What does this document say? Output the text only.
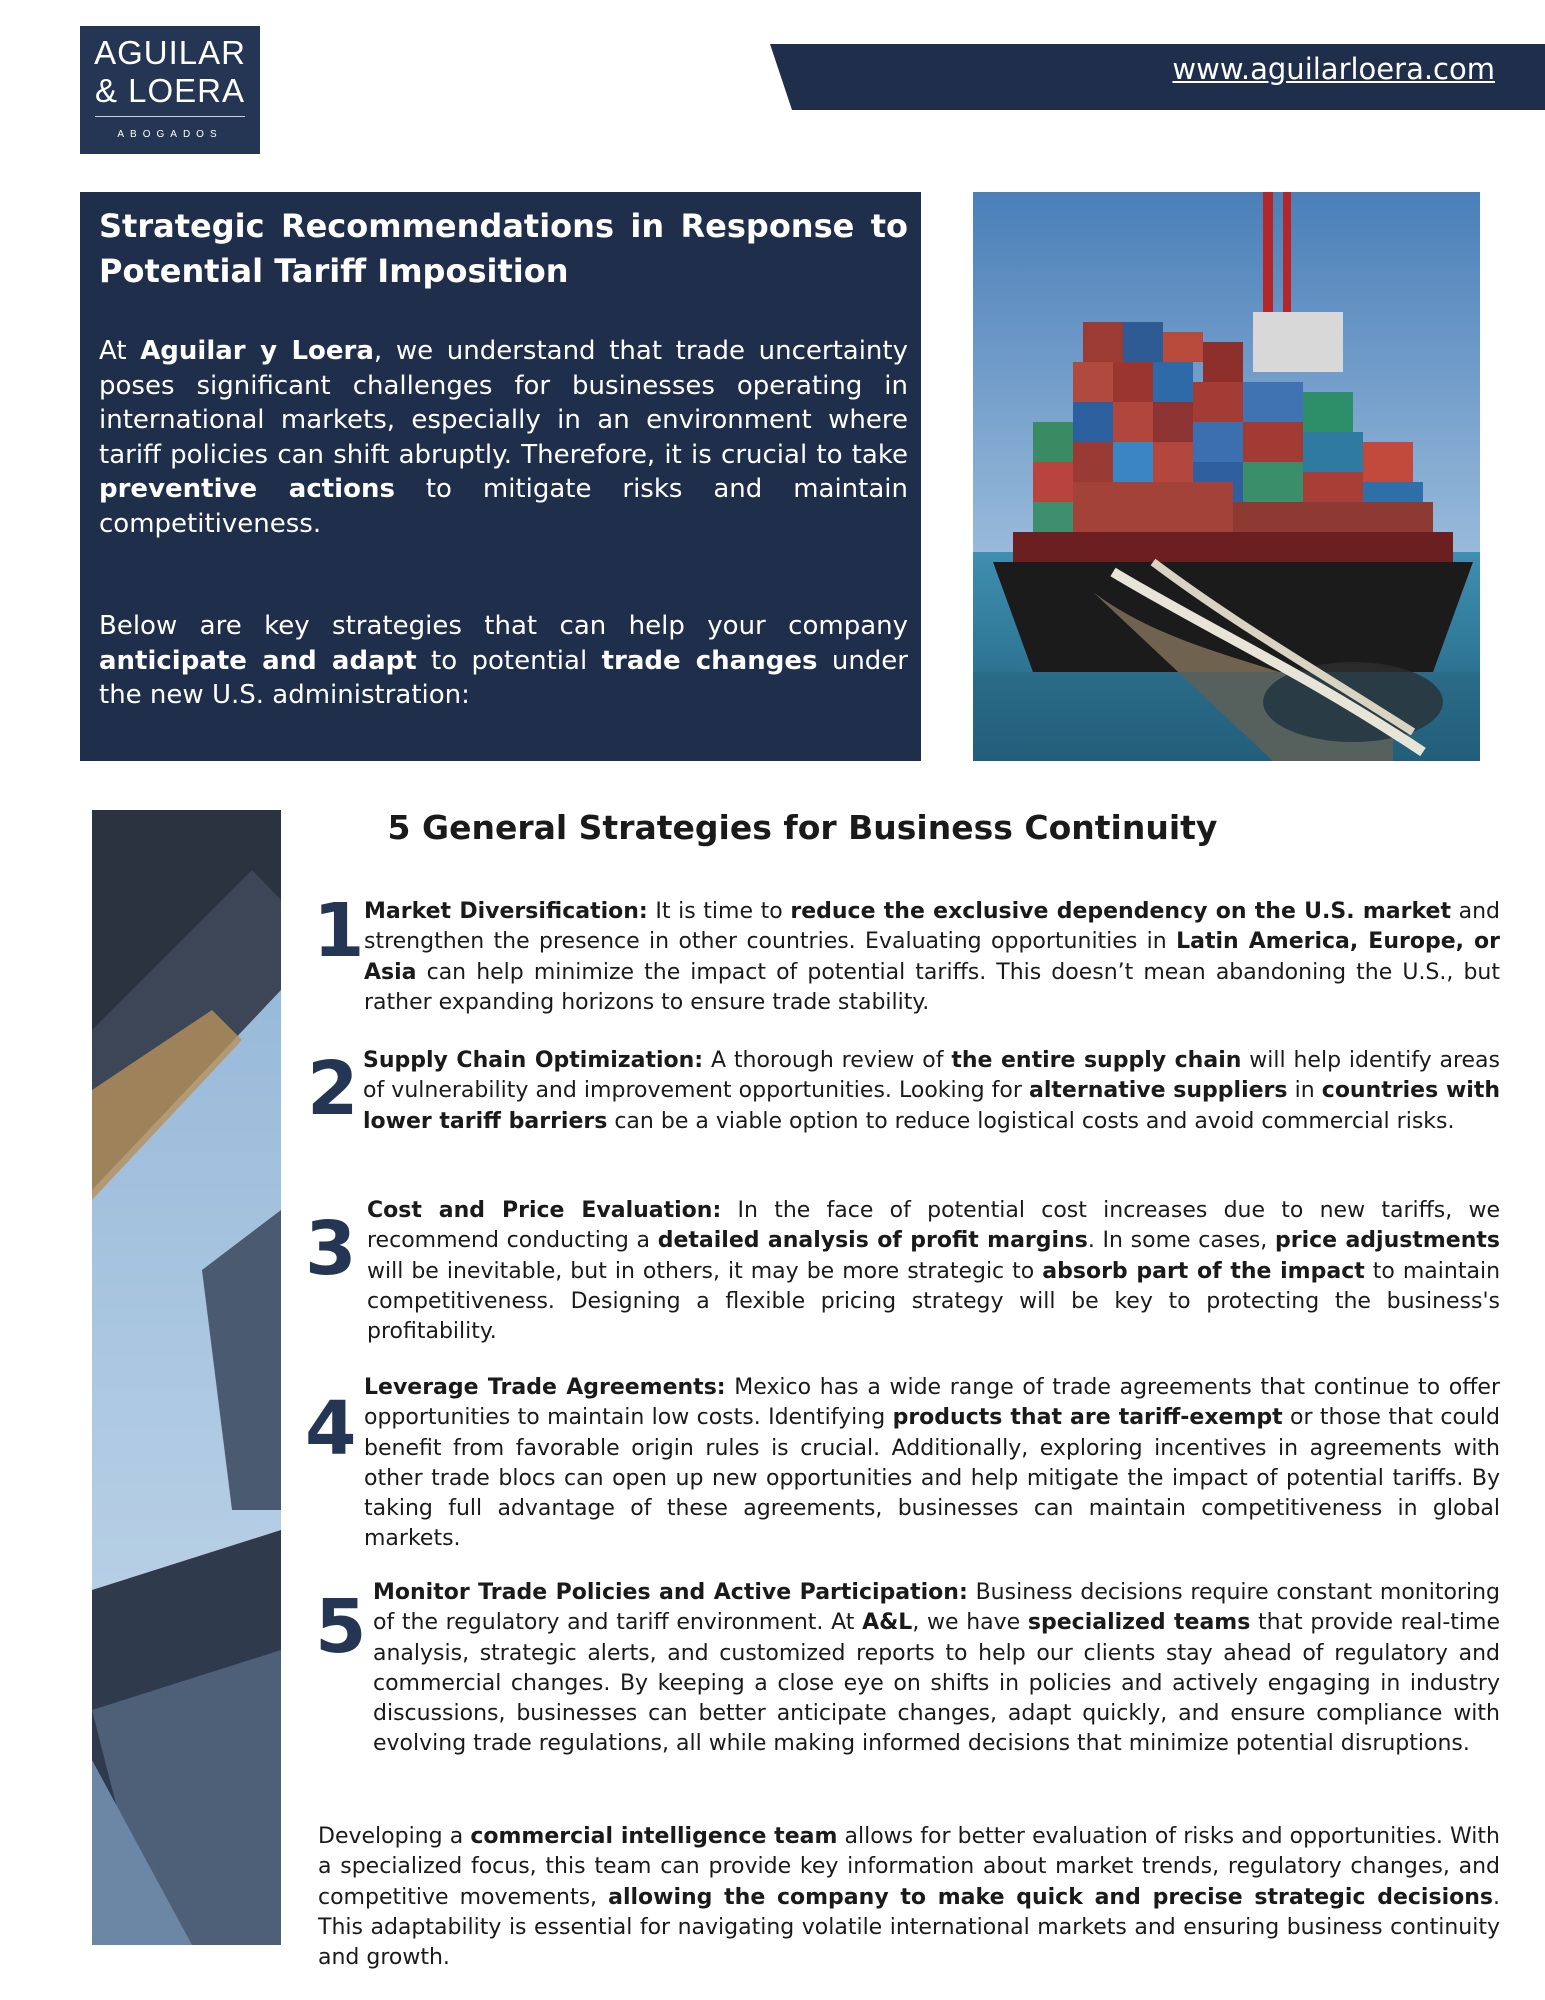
AGUILAR
& LOERA
ABOGADOS
www.aguilarloera.com
Strategic Recommendations in Response to Potential Tariff Imposition

At Aguilar y Loera, we understand that trade uncertainty poses significant challenges for businesses operating in international markets, especially in an environment where tariff policies can shift abruptly. Therefore, it is crucial to take preventive actions to mitigate risks and maintain competitiveness.

Below are key strategies that can help your company anticipate and adapt to potential trade changes under the new U.S. administration:

5 General Strategies for Business Continuity
1 Market Diversification: It is time to reduce the exclusive dependency on the U.S. market and strengthen the presence in other countries. Evaluating opportunities in Latin America, Europe, or Asia can help minimize the impact of potential tariffs. This doesn’t mean abandoning the U.S., but rather expanding horizons to ensure trade stability.
2 Supply Chain Optimization: A thorough review of the entire supply chain will help identify areas of vulnerability and improvement opportunities. Looking for alternative suppliers in countries with lower tariff barriers can be a viable option to reduce logistical costs and avoid commercial risks.
3 Cost and Price Evaluation: In the face of potential cost increases due to new tariffs, we recommend conducting a detailed analysis of profit margins. In some cases, price adjustments will be inevitable, but in others, it may be more strategic to absorb part of the impact to maintain competitiveness. Designing a flexible pricing strategy will be key to protecting the business's profitability.
4 Leverage Trade Agreements: Mexico has a wide range of trade agreements that continue to offer opportunities to maintain low costs. Identifying products that are tariff-exempt or those that could benefit from favorable origin rules is crucial. Additionally, exploring incentives in agreements with other trade blocs can open up new opportunities and help mitigate the impact of potential tariffs. By taking full advantage of these agreements, businesses can maintain competitiveness in global markets.
5 Monitor Trade Policies and Active Participation: Business decisions require constant monitoring of the regulatory and tariff environment. At A&L, we have specialized teams that provide real-time analysis, strategic alerts, and customized reports to help our clients stay ahead of regulatory and commercial changes. By keeping a close eye on shifts in policies and actively engaging in industry discussions, businesses can better anticipate changes, adapt quickly, and ensure compliance with evolving trade regulations, all while making informed decisions that minimize potential disruptions.
Developing a commercial intelligence team allows for better evaluation of risks and opportunities. With a specialized focus, this team can provide key information about market trends, regulatory changes, and competitive movements, allowing the company to make quick and precise strategic decisions. This adaptability is essential for navigating volatile international markets and ensuring business continuity and growth.
